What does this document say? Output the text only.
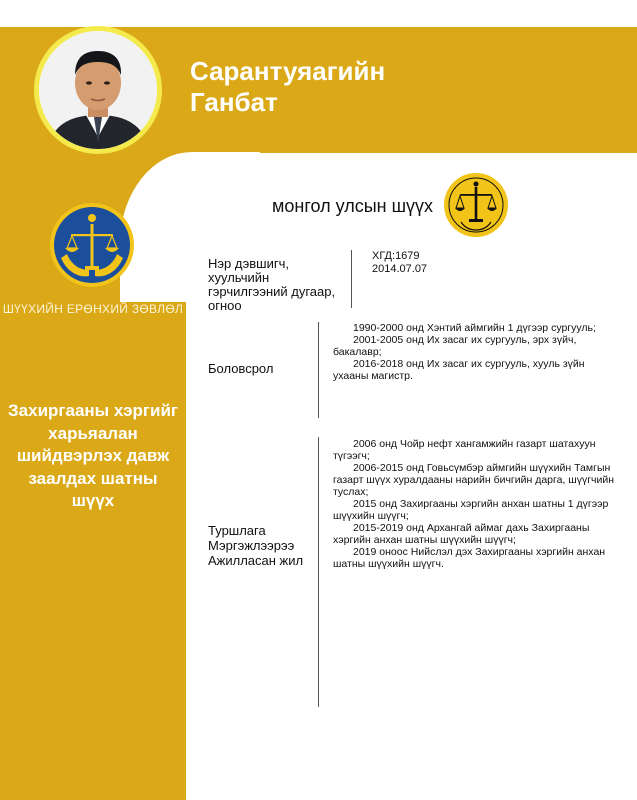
Сарантуяагийн
Ганбат
ШҮҮХИЙН ЕРӨНХИЙ ЗӨВЛӨЛ
Захиргааны хэргийг харьяалан шийдвэрлэх давж заалдах шатны шүүх
монгол улсын шүүх
Нэр дэвшигч, хуульчийн гэрчилгээний дугаар, огноо
ХГД:1679
2014.07.07
Боловсрол

1990-2000 онд Хэнтий аймгийн 1 дүгээр сургууль;

2001-2005 онд Их засаг их сургууль, эрх зүйч, бакалавр;

2016-2018 онд Их засаг их сургууль, хууль зүйн ухааны магистр.

Туршлага
Мэргэжлээрээ
Ажилласан жил

2006 онд Чойр нефт хангамжийн газарт шатахуун түгээгч;

2006-2015 онд Говьсүмбэр аймгийн шүүхийн Тамгын газарт шүүх хуралдааны нарийн бичгийн дарга, шүүгчийн туслах;

2015 онд Захиргааны хэргийн анхан шатны 1 дүгээр шүүхийн шүүгч;

2015-2019 онд Архангай аймаг дахь Захиргааны хэргийн анхан шатны шүүхийн шүүгч;

2019 оноос Нийслэл дэх Захиргааны хэргийн анхан шатны шүүхийн шүүгч.
